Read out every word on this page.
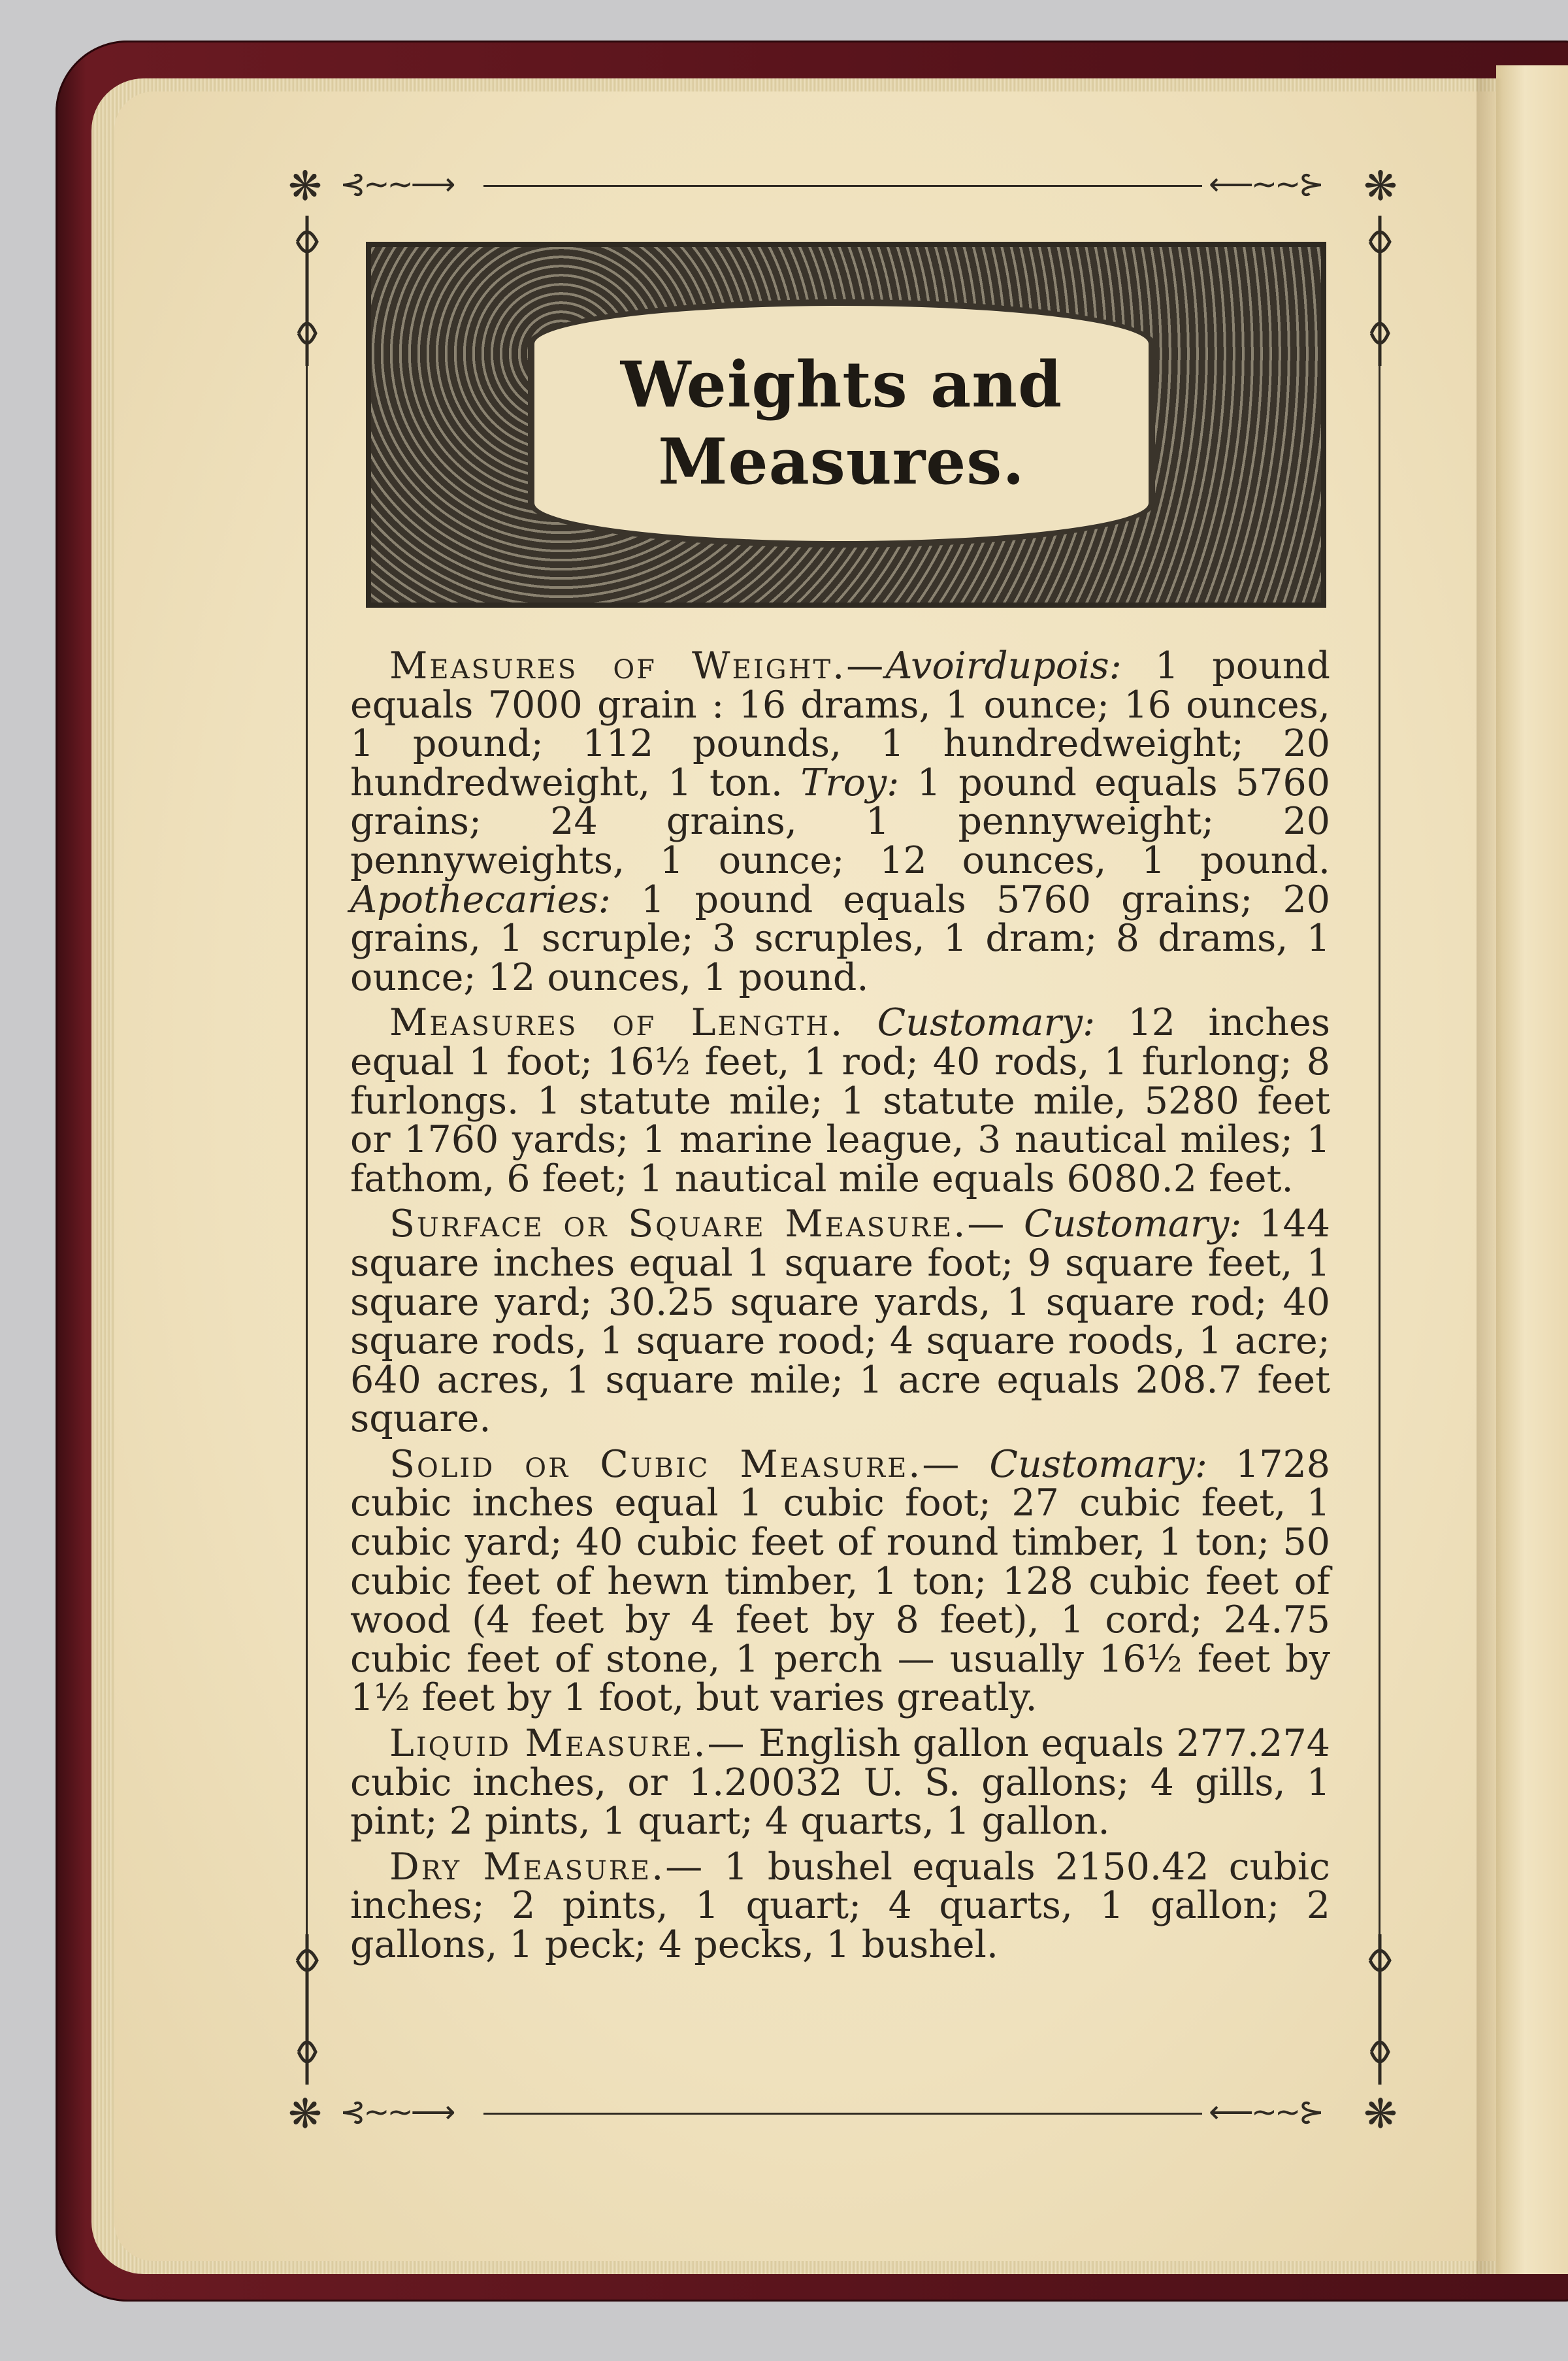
❋	❋
❋	❋
⊰~~⟶	⟵~~⊱
⊰~~⟶	⟵~~⊱
Weights and
Measures.

Measures of Weight.—Avoirdupois: 1 pound equals 7000 grain : 16 drams, 1 ounce; 16 ounces, 1 pound; 112 pounds, 1 hundredweight; 20 hundredweight, 1 ton. Troy: 1 pound equals 5760 grains; 24 grains, 1 pennyweight; 20 pennyweights, 1 ounce; 12 ounces, 1 pound. Apothecaries: 1 pound equals 5760 grains; 20 grains, 1 scruple; 3 scruples, 1 dram; 8 drams, 1 ounce; 12 ounces, 1 pound.

Measures of Length. Customary: 12 inches equal 1 foot; 16½ feet, 1 rod; 40 rods, 1 furlong; 8 furlongs. 1 statute mile; 1 statute mile, 5280 feet or 1760 yards; 1 marine league, 3 nautical miles; 1 fathom, 6 feet; 1 nautical mile equals 6080.2 feet.

Surface or Square Measure.— Customary: 144 square inches equal 1 square foot; 9 square feet, 1 square yard; 30.25 square yards, 1 square rod; 40 square rods, 1 square rood; 4 square roods, 1 acre; 640 acres, 1 square mile; 1 acre equals 208.7 feet square.

Solid or Cubic Measure.— Customary: 1728 cubic inches equal 1 cubic foot; 27 cubic feet, 1 cubic yard; 40 cubic feet of round timber, 1 ton; 50 cubic feet of hewn timber, 1 ton; 128 cubic feet of wood (4 feet by 4 feet by 8 feet), 1 cord; 24.75 cubic feet of stone, 1 perch — usually 16½ feet by 1½ feet by 1 foot, but varies greatly.

Liquid Measure.— English gallon equals 277.274 cubic inches, or 1.20032 U. S. gallons; 4 gills, 1 pint; 2 pints, 1 quart; 4 quarts, 1 gallon.

Dry Measure.— 1 bushel equals 2150.42 cubic inches; 2 pints, 1 quart; 4 quarts, 1 gallon; 2 gallons, 1 peck; 4 pecks, 1 bushel.
